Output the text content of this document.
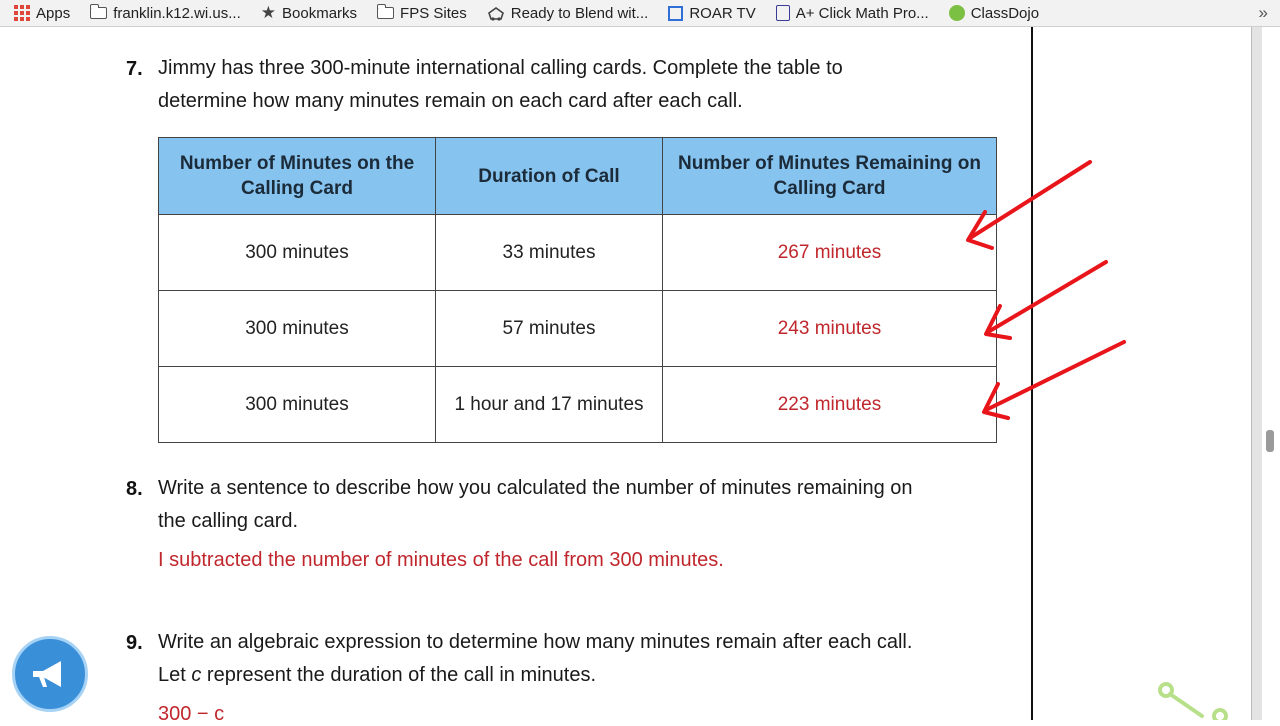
Apps	franklin.k12.wi.us... ★ Bookmarks	FPS Sites	Ready to Blend wit...	ROAR TV	A+ Click Math Pro...	ClassDojo	»
7. Jimmy has three 300-minute international calling cards. Complete the table to
determine how many minutes remain on each card after each call.
Number of Minutes on the Calling Card	Duration of Call	Number of Minutes Remaining on Calling Card
300 minutes	33 minutes	267 minutes
300 minutes	57 minutes	243 minutes
300 minutes	1 hour and 17 minutes	223 minutes
8. Write a sentence to describe how you calculated the number of minutes remaining on
the calling card.
I subtracted the number of minutes of the call from 300 minutes.
9. Write an algebraic expression to determine how many minutes remain after each call.
Let c represent the duration of the call in minutes.
300 − c
